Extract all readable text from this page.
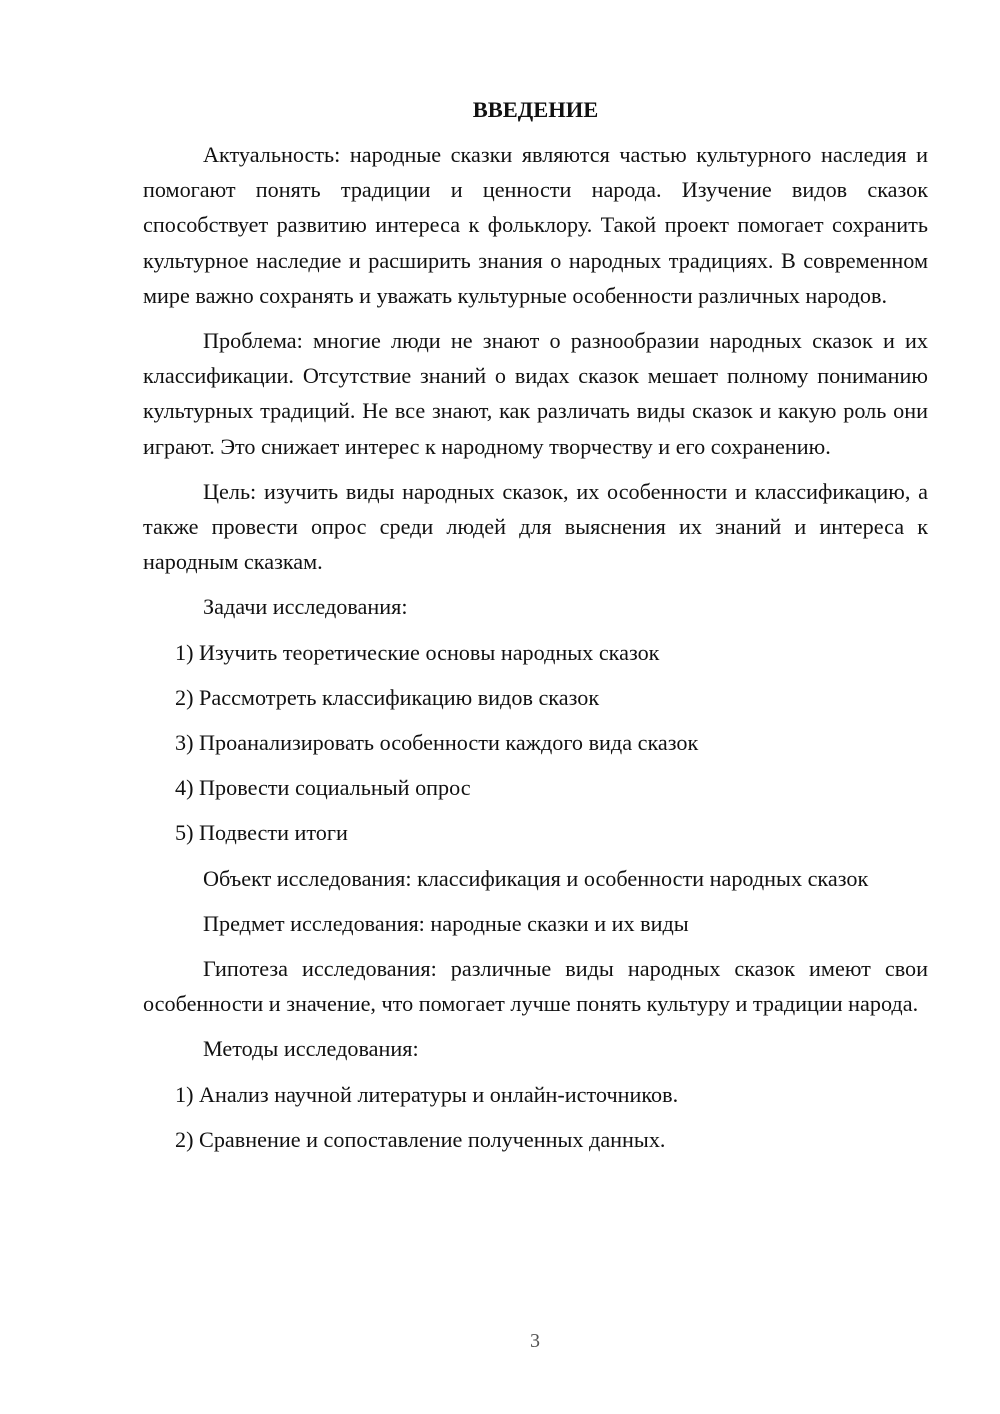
ВВЕДЕНИЕ

Актуальность: народные сказки являются частью культурного наследия и помогают понять традиции и ценности народа. Изучение видов сказок способствует развитию интереса к фольклору. Такой проект помогает сохранить культурное наследие и расширить знания о народных традициях. В современном мире важно сохранять и уважать культурные особенности различных народов.

Проблема: многие люди не знают о разнообразии народных сказок и их классификации. Отсутствие знаний о видах сказок мешает полному пониманию культурных традиций. Не все знают, как различать виды сказок и какую роль они играют. Это снижает интерес к народному творчеству и его сохранению.

Цель: изучить виды народных сказок, их особенности и классификацию, а также провести опрос среди людей для выяснения их знаний и интереса к народным сказкам.

Задачи исследования:

1) Изучить теоретические основы народных сказок
2) Рассмотреть классификацию видов сказок
3) Проанализировать особенности каждого вида сказок
4) Провести социальный опрос
5) Подвести итоги

Объект исследования: классификация и особенности народных сказок

Предмет исследования: народные сказки и их виды

Гипотеза исследования: различные виды народных сказок имеют свои особенности и значение, что помогает лучше понять культуру и традиции народа.

Методы исследования:

1) Анализ научной литературы и онлайн-источников.
2) Сравнение и сопоставление полученных данных.
3
